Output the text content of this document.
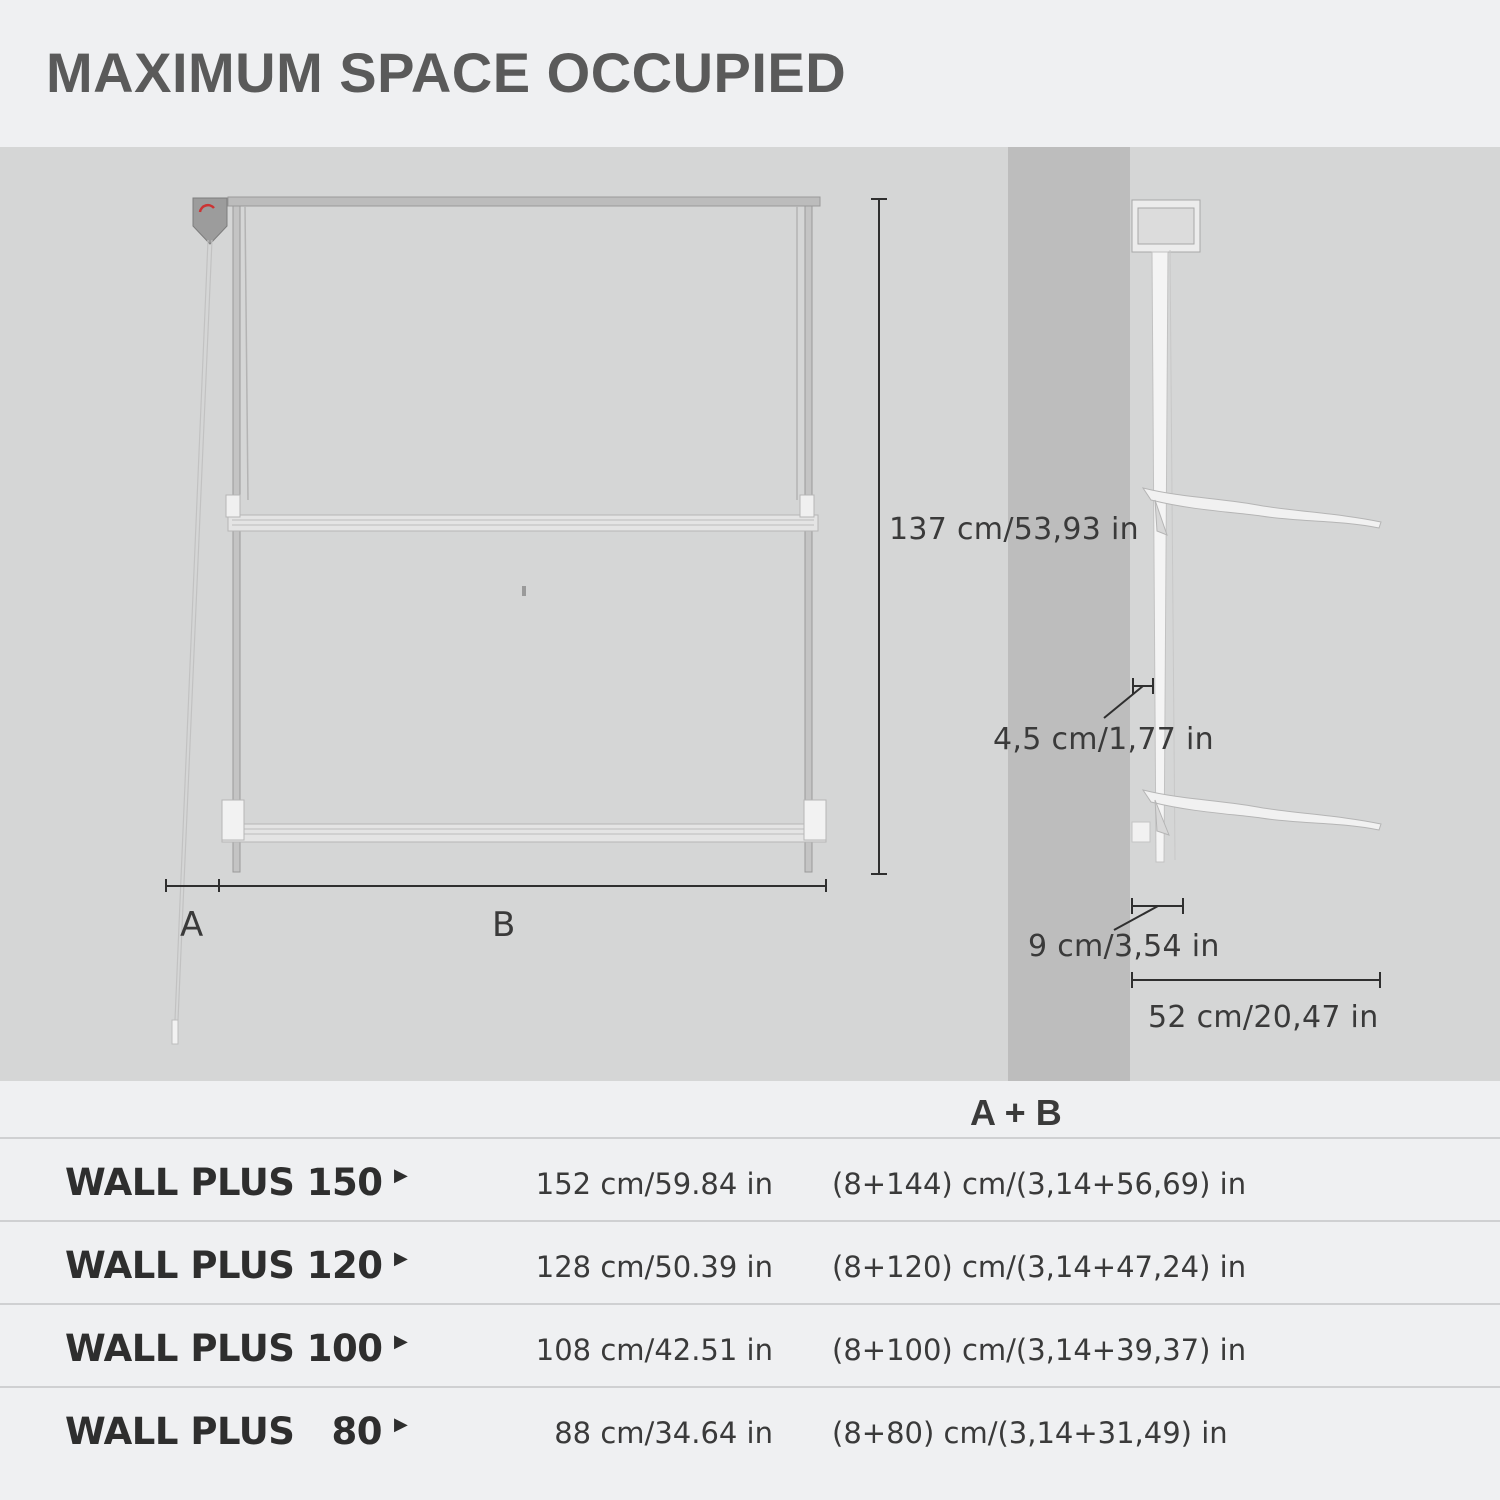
MAXIMUM SPACE OCCUPIED
137 cm/53,93 in
4,5 cm/1,77 in
9 cm/3,54 in
52 cm/20,47 in
A	B
A + B
WALL PLUS 150 ▶	152 cm/59.84 in (8+144) cm/(3,14+56,69) in
WALL PLUS 120 ▶	128 cm/50.39 in (8+120) cm/(3,14+47,24) in
WALL PLUS 100 ▶	108 cm/42.51 in (8+100) cm/(3,14+39,37) in
WALL PLUS   80 ▶	88 cm/34.64 in (8+80) cm/(3,14+31,49) in
